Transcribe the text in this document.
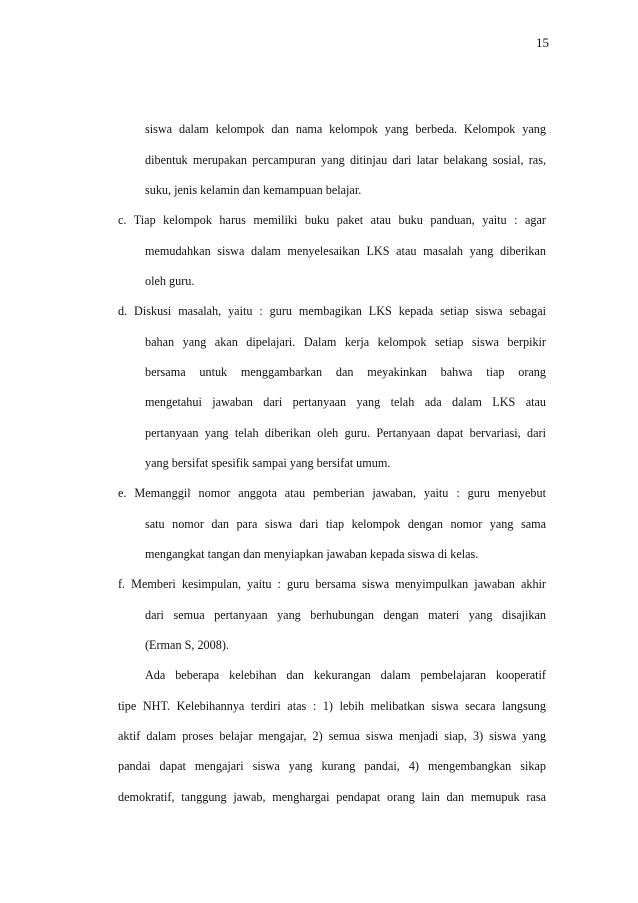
15
siswa dalam kelompok dan nama kelompok yang berbeda. Kelompok yang
dibentuk merupakan percampuran yang ditinjau dari latar belakang sosial, ras,
suku, jenis kelamin dan kemampuan belajar.
c. Tiap kelompok harus memiliki buku paket atau buku panduan, yaitu : agar
memudahkan siswa dalam menyelesaikan LKS atau masalah yang diberikan
oleh guru.
d. Diskusi masalah, yaitu : guru membagikan LKS kepada setiap siswa sebagai
bahan yang akan dipelajari. Dalam kerja kelompok setiap siswa berpikir
bersama untuk menggambarkan dan meyakinkan bahwa tiap orang
mengetahui jawaban dari pertanyaan yang telah ada dalam LKS atau
pertanyaan yang telah diberikan oleh guru. Pertanyaan dapat bervariasi, dari
yang bersifat spesifik sampai yang bersifat umum.
e. Memanggil nomor anggota atau pemberian jawaban, yaitu : guru menyebut
satu nomor dan para siswa dari tiap kelompok dengan nomor yang sama
mengangkat tangan dan menyiapkan jawaban kepada siswa di kelas.
f. Memberi kesimpulan, yaitu : guru bersama siswa menyimpulkan jawaban akhir
dari semua pertanyaan yang berhubungan dengan materi yang disajikan
(Erman S, 2008).
Ada beberapa kelebihan dan kekurangan dalam pembelajaran kooperatif
tipe NHT. Kelebihannya terdiri atas : 1) lebih melibatkan siswa secara langsung
aktif dalam proses belajar mengajar, 2) semua siswa menjadi siap, 3) siswa yang
pandai dapat mengajari siswa yang kurang pandai, 4) mengembangkan sikap
demokratif, tanggung jawab, menghargai pendapat orang lain dan memupuk rasa
